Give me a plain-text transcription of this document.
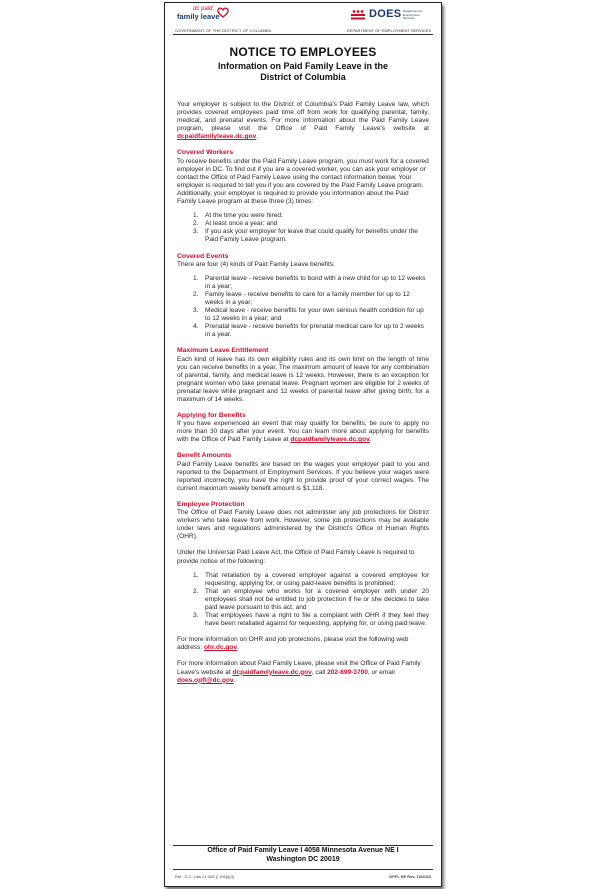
dc paid
family leave
GOVERNMENT OF THE DISTRICT OF COLUMBIA
DOES Department of Employment Services
DEPARTMENT OF EMPLOYMENT SERVICES
NOTICE TO EMPLOYEES
Information on Paid Family Leave in the
District of Columbia

Your employer is subject to the District of Columbia's Paid Family Leave law, which provides covered employees paid time off from work for qualifying parental, family, medical, and prenatal events. For more information about the Paid Family Leave program, please visit the Office of Paid Family Leave's website at dcpaidfamilyleave.dc.gov.

Covered Workers

To receive benefits under the Paid Family Leave program, you must work for a covered employer in DC. To find out if you are a covered worker, you can ask your employer or contact the Office of Paid Family Leave using the contact information below. Your employer is required to tell you if you are covered by the Paid Family Leave program. Additionally, your employer is required to provide you information about the Paid Family Leave program at these three (3) times:

1. At the time you were hired;
2. At least once a year; and
3. If you ask your employer for leave that could qualify for benefits under the Paid Family Leave program.
Covered Events

There are four (4) kinds of Paid Family Leave benefits:

1. Parental leave - receive benefits to bond with a new child for up to 12 weeks in a year;
2. Family leave - receive benefits to care for a family member for up to 12 weeks in a year;
3. Medical leave - receive benefits for your own serious health condition for up to 12 weeks in a year; and
4. Prenatal leave - receive benefits for prenatal medical care for up to 2 weeks in a year.
Maximum Leave Entitlement

Each kind of leave has its own eligibility rules and its own limit on the length of time you can receive benefits in a year. The maximum amount of leave for any combination of parental, family, and medical leave is 12 weeks. However, there is an exception for pregnant women who take prenatal leave. Pregnant women are eligible for 2 weeks of prenatal leave while pregnant and 12 weeks of parental leave after giving birth, for a maximum of 14 weeks.

Applying for Benefits

If you have experienced an event that may qualify for benefits, be sure to apply no more than 30 days after your event. You can learn more about applying for benefits with the Office of Paid Family Leave at dcpaidfamilyleave.dc.gov.

Benefit Amounts

Paid Family Leave benefits are based on the wages your employer paid to you and reported to the Department of Employment Services. If you believe your wages were reported incorrectly, you have the right to provide proof of your correct wages. The current maximum weekly benefit amount is $1,118.

Employee Protection

The Office of Paid Family Leave does not administer any job protections for District workers who take leave from work. However, some job protections may be available under laws and regulations administered by the District's Office of Human Rights (OHR).

Under the Universal Paid Leave Act, the Office of Paid Family Leave is required to provide notice of the following:

1. That retaliation by a covered employer against a covered employee for requesting, applying for, or using paid-leave benefits is prohibited;
2. That an employee who works for a covered employer with under 20 employees shall not be entitled to job protection if he or she decides to take paid leave pursuant to this act; and
3. That employees have a right to file a complaint with OHR if they feel they have been retaliated against for requesting, applying for, or using paid leave.

For more information on OHR and job protections, please visit the following web address: ohr.dc.gov.

For more information about Paid Family Leave, please visit the Office of Paid Family Leave's website at dcpaidfamilyleave.dc.gov, call 202-899-3700, or email does.opfl@dc.gov.

Office of Paid Family Leave I 4058 Minnesota Avenue NE I
Washington DC 20019
Ref.: D.C. Law 21-264 § 106(i)(3)	OPFL EE Rev. 10/2023
